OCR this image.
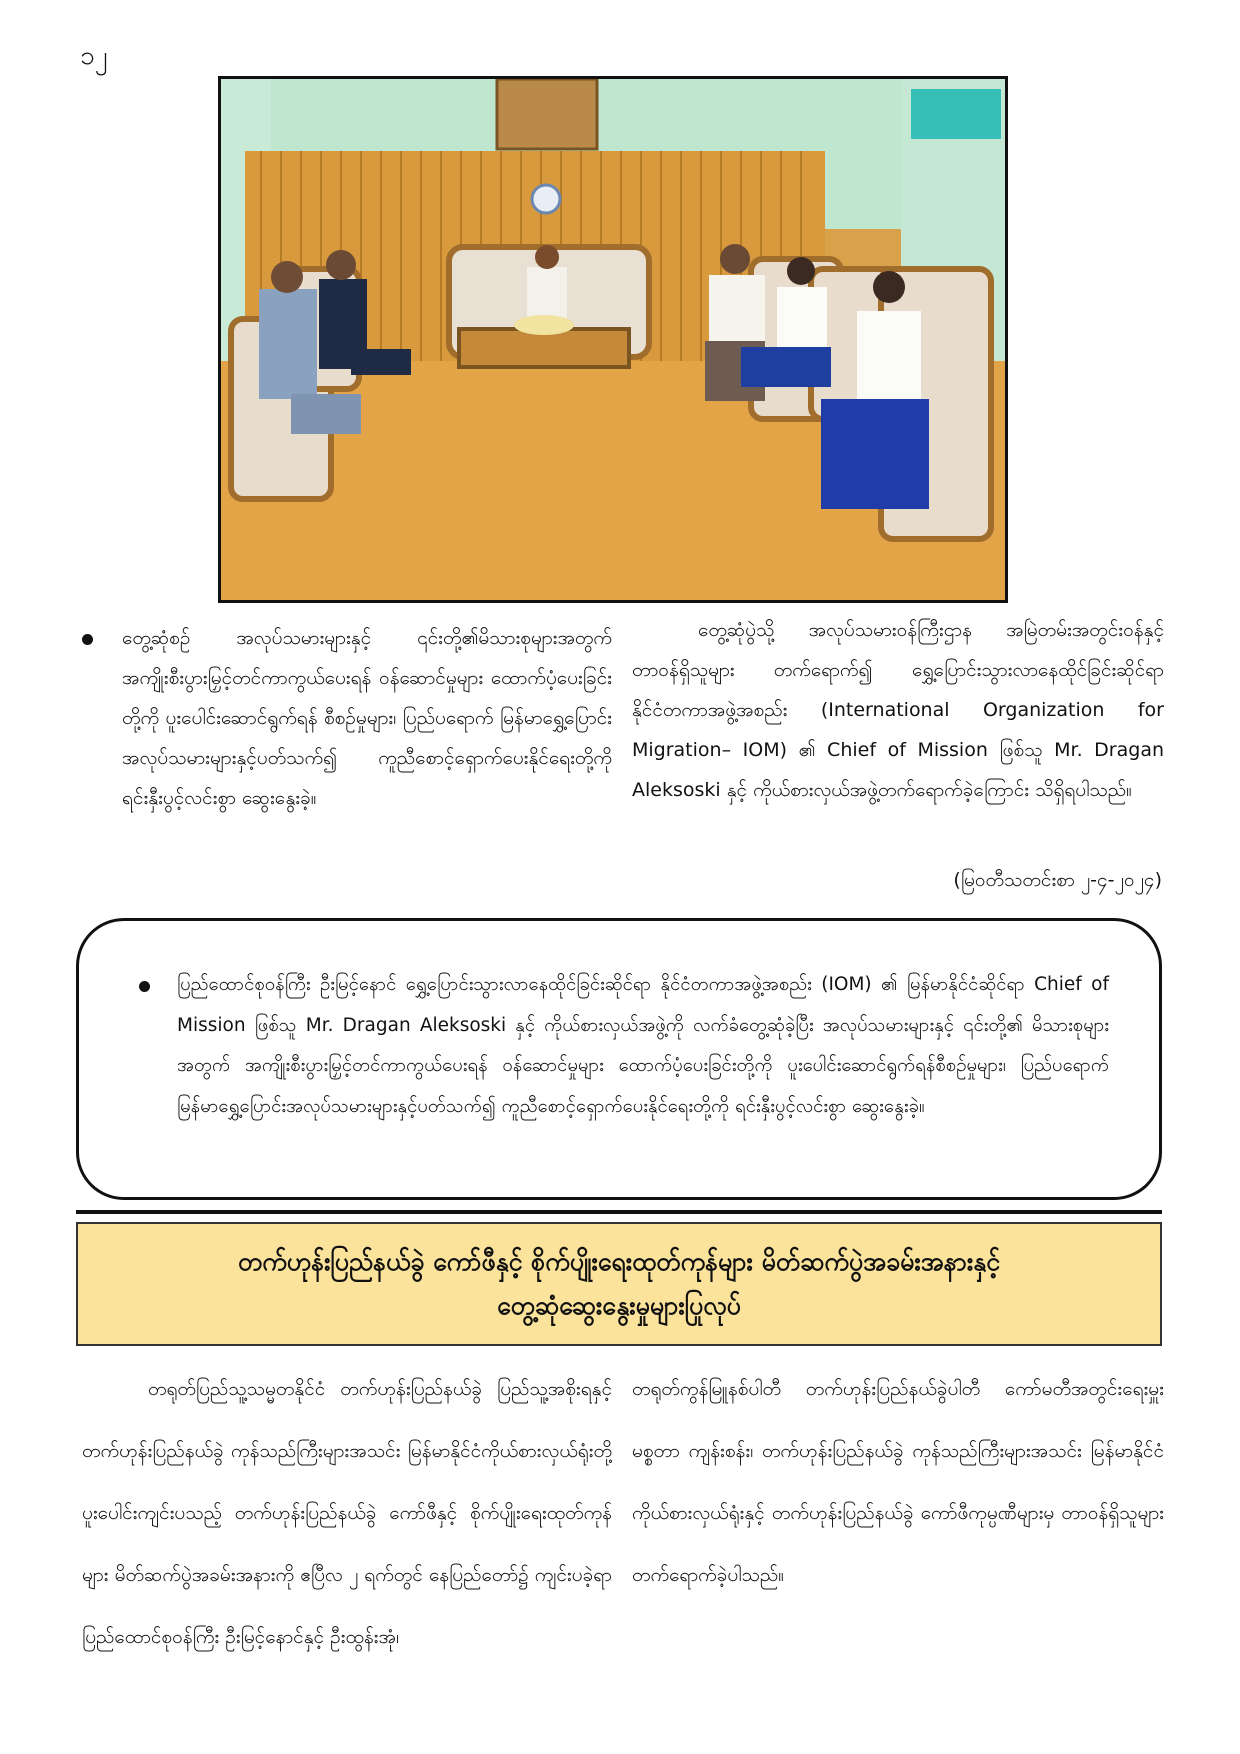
၁၂
တွေ့ဆုံစဉ် အလုပ်သမားများနှင့် ၎င်းတို့၏မိသားစုများအတွက် အကျိုးစီးပွားမြှင့်တင်ကာကွယ်ပေးရန် ဝန်ဆောင်မှုများ ထောက်ပံ့ပေးခြင်းတို့ကို ပူးပေါင်းဆောင်ရွက်ရန် စီစဉ်မှုများ၊ ပြည်ပရောက် မြန်မာရွှေ့ပြောင်းအလုပ်သမားများနှင့်ပတ်သက်၍ ကူညီစောင့်ရှောက်ပေးနိုင်ရေးတို့ကို ရင်းနှီးပွင့်လင်းစွာ ဆွေးနွေးခဲ့။
တွေ့ဆုံပွဲသို့ အလုပ်သမားဝန်ကြီးဌာန အမြဲတမ်းအတွင်းဝန်နှင့် တာဝန်ရှိသူများ တက်ရောက်၍ ရွှေ့ပြောင်းသွားလာနေထိုင်ခြင်းဆိုင်ရာ နိုင်ငံတကာအဖွဲ့အစည်း (International Organization for Migration– IOM) ၏ Chief of Mission ဖြစ်သူ Mr. Dragan Aleksoski နှင့် ကိုယ်စားလှယ်အဖွဲ့တက်ရောက်ခဲ့ကြောင်း သိရှိရပါသည်။
(မြဝတီသတင်းစာ ၂-၄-၂၀၂၄)
ပြည်ထောင်စုဝန်ကြီး ဦးမြင့်နောင် ရွှေ့ပြောင်းသွားလာနေထိုင်ခြင်းဆိုင်ရာ နိုင်ငံတကာအဖွဲ့အစည်း (IOM) ၏ မြန်မာနိုင်ငံဆိုင်ရာ Chief of Mission ဖြစ်သူ Mr. Dragan Aleksoski နှင့် ကိုယ်စားလှယ်အဖွဲ့ကို လက်ခံတွေ့ဆုံခဲ့ပြီး အလုပ်သမားများနှင့် ၎င်းတို့၏ မိသားစုများအတွက် အကျိုးစီးပွားမြှင့်တင်ကာကွယ်ပေးရန် ဝန်ဆောင်မှုများ ထောက်ပံ့ပေးခြင်းတို့ကို ပူးပေါင်းဆောင်ရွက်ရန်စီစဉ်မှုများ၊ ပြည်ပရောက် မြန်မာရွှေ့ပြောင်းအလုပ်သမားများနှင့်ပတ်သက်၍ ကူညီစောင့်ရှောက်ပေးနိုင်ရေးတို့ကို ရင်းနှီးပွင့်လင်းစွာ ဆွေးနွေးခဲ့။
တက်ဟုန်းပြည်နယ်ခွဲ ကော်ဖီနှင့် စိုက်ပျိုးရေးထုတ်ကုန်များ မိတ်ဆက်ပွဲအခမ်းအနားနှင့်
တွေ့ဆုံဆွေးနွေးမှုများပြုလုပ်
တရုတ်ပြည်သူ့သမ္မတနိုင်ငံ တက်ဟုန်းပြည်နယ်ခွဲ ပြည်သူ့အစိုးရနှင့် တက်ဟုန်းပြည်နယ်ခွဲ ကုန်သည်ကြီးများအသင်း မြန်မာနိုင်ငံကိုယ်စားလှယ်ရုံးတို့ ပူးပေါင်းကျင်းပသည့် တက်ဟုန်းပြည်နယ်ခွဲ ကော်ဖီနှင့် စိုက်ပျိုးရေးထုတ်ကုန်များ မိတ်ဆက်ပွဲအခမ်းအနားကို ဧပြီလ ၂ ရက်တွင် နေပြည်တော်၌ ကျင်းပခဲ့ရာ ပြည်ထောင်စုဝန်ကြီး ဦးမြင့်နောင်နှင့် ဦးထွန်းအုံ၊
တရုတ်ကွန်မြူနစ်ပါတီ တက်ဟုန်းပြည်နယ်ခွဲပါတီ ကော်မတီအတွင်းရေးမှူး မစ္စတာ ကျန်းစန်း၊ တက်ဟုန်းပြည်နယ်ခွဲ ကုန်သည်ကြီးများအသင်း မြန်မာနိုင်ငံကိုယ်စားလှယ်ရုံးနှင့် တက်ဟုန်းပြည်နယ်ခွဲ ကော်ဖီကုမ္ပဏီများမှ တာဝန်ရှိသူများ တက်ရောက်ခဲ့ပါသည်။
